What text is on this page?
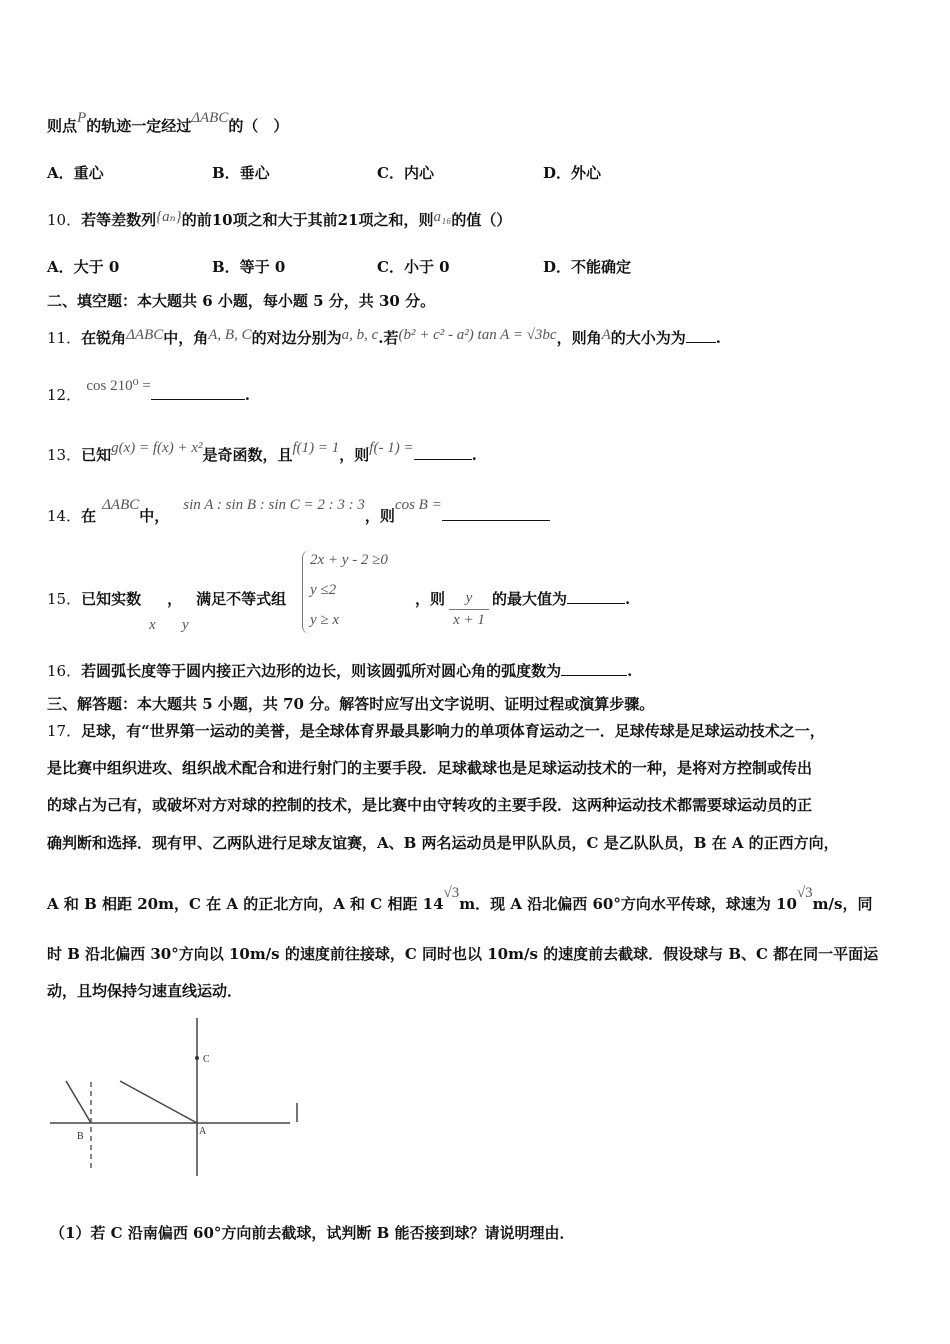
则点P的轨迹一定经过ΔABC的（　）
A．重心	B．垂心	C．内心	D．外心
10．若等差数列{aₙ}的前10项之和大于其前21项之和，则a₁₆的值（）
A．大于 0	B．等于 0	C．小于 0	D．不能确定
二、填空题：本大题共 6 小题，每小题 5 分，共 30 分。
11．在锐角ΔABC中，角A, B, C的对边分别为a, b, c.若(b² + c² - a²) tan A = √3bc，则角A的大小为为 .
12． cos 210⁰ =	.
13．已知g(x) = f(x) + x²是奇函数，且f(1) = 1，则f(- 1) =	.
14．在ΔABC中，sin A : sin B : sin C = 2 : 3 : 3，则cos B =
15．已知实数 ， 满足不等式组
x y
2x + y - 2 ≥0
y ≤2
y ≥ x
，则	y
x + 1
的最大值为	.
16．若圆弧长度等于圆内接正六边形的边长，则该圆弧所对圆心角的弧度数为	.
三、解答题：本大题共 5 小题，共 70 分。解答时应写出文字说明、证明过程或演算步骤。
17．足球，有“世界第一运动的美誉，是全球体育界最具影响力的单项体育运动之一．足球传球是足球运动技术之一，
是比赛中组织进攻、组织战术配合和进行射门的主要手段．足球截球也是足球运动技术的一种，是将对方控制或传出
的球占为己有，或破坏对方对球的控制的技术，是比赛中由守转攻的主要手段．这两种运动技术都需要球运动员的正
确判断和选择．现有甲、乙两队进行足球友谊赛，A、B 两名运动员是甲队队员，C 是乙队队员，B 在 A 的正西方向，
A 和 B 相距 20m，C 在 A 的正北方向，A 和 C 相距 14√3m．现 A 沿北偏西 60°方向水平传球，球速为 10√3m/s，同
时 B 沿北偏西 30°方向以 10m/s 的速度前往接球，C 同时也以 10m/s 的速度前去截球．假设球与 B、C 都在同一平面运
动，且均保持匀速直线运动．
C
B	A
（1）若 C 沿南偏西 60°方向前去截球，试判断 B 能否接到球？请说明理由．
